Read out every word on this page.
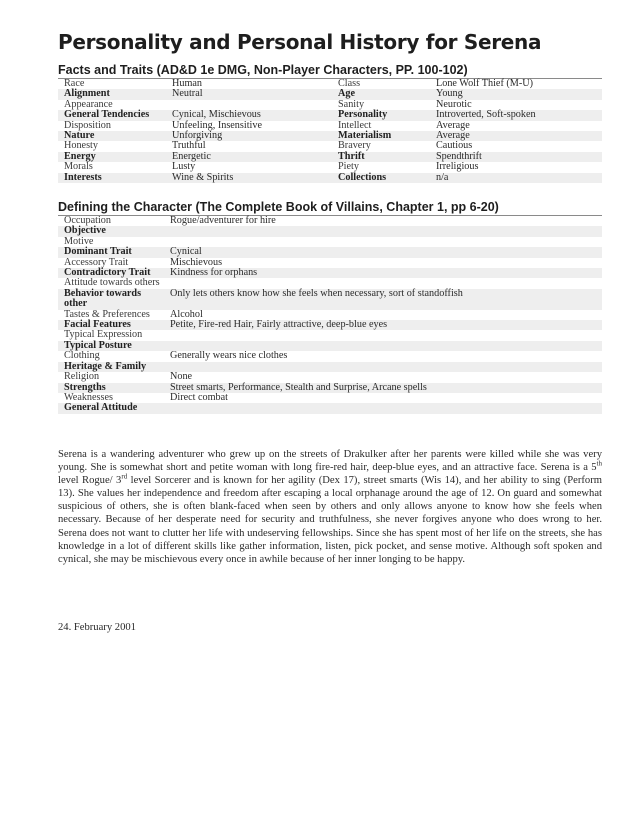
Personality and Personal History for Serena
Facts and Traits (AD&D 1e DMG, Non-Player Characters, PP. 100-102)
Race	Human	Class	Lone Wolf Thief (M-U)
Alignment	Neutral	Age	Young
Appearance		Sanity	Neurotic
General Tendencies	Cynical, Mischievous	Personality	Introverted, Soft-spoken
Disposition	Unfeeling, Insensitive	Intellect	Average
Nature	Unforgiving	Materialism	Average
Honesty	Truthful	Bravery	Cautious
Energy	Energetic	Thrift	Spendthrift
Morals	Lusty	Piety	Irreligious
Interests	Wine & Spirits	Collections	n/a
Defining the Character (The Complete Book of Villains, Chapter 1, pp 6-20)
Occupation	Rogue/adventurer for hire
Objective	
Motive	
Dominant Trait	Cynical
Accessory Trait	Mischievous
Contradictory Trait	Kindness for orphans
Attitude towards others	
Behavior towards other	Only lets others know how she feels when necessary, sort of standoffish
Tastes & Preferences	Alcohol
Facial Features	Petite, Fire-red Hair, Fairly attractive, deep-blue eyes
Typical Expression	
Typical Posture	
Clothing	Generally wears nice clothes
Heritage & Family	
Religion	None
Strengths	Street smarts, Performance, Stealth and Surprise, Arcane spells
Weaknesses	Direct combat
General Attitude	

Serena is a wandering adventurer who grew up on the streets of Drakulker after her parents were killed while she was very young. She is somewhat short and petite woman with long fire-red hair, deep-blue eyes, and an attractive face. Serena is a 5th level Rogue/ 3rd level Sorcerer and is known for her agility (Dex 17), street smarts (Wis 14), and her ability to sing (Perform 13). She values her independence and freedom after escaping a local orphanage around the age of 12. On guard and somewhat suspicious of others, she is often blank-faced when seen by others and only allows anyone to know how she feels when necessary. Because of her desperate need for security and truthfulness, she never forgives anyone who does wrong to her. Serena does not want to clutter her life with undeserving fellowships. Since she has spent most of her life on the streets, she has knowledge in a lot of different skills like gather information, listen, pick pocket, and sense motive. Although soft spoken and cynical, she may be mischievous every once in awhile because of her inner longing to be happy.

24. February 2001
